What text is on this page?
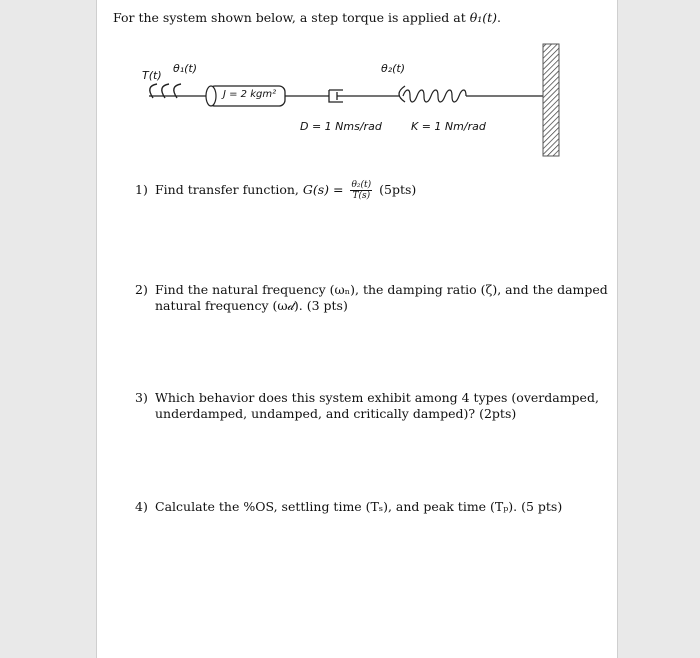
For the system shown below, a step torque is applied at θ₁(t).
T(t)
θ₁(t)	θ₂(t)
J = 2 kgm²
D = 1 Nms/rad	K = 1 Nm/rad
1) Find transfer function, $G(s) = \frac{\text{θ₂(t)}}{T(s)} (5pts)$
2) Find the natural frequency (ωₙ), the damping ratio (ζ), and the damped
natural frequency (ω𝒹). (3 pts)
3) Which behavior does this system exhibit among 4 types (overdamped,
underdamped, undamped, and critically damped)? (2pts)
4) Calculate the %OS, settling time (Tₛ), and peak time (Tₚ). (5 pts)
